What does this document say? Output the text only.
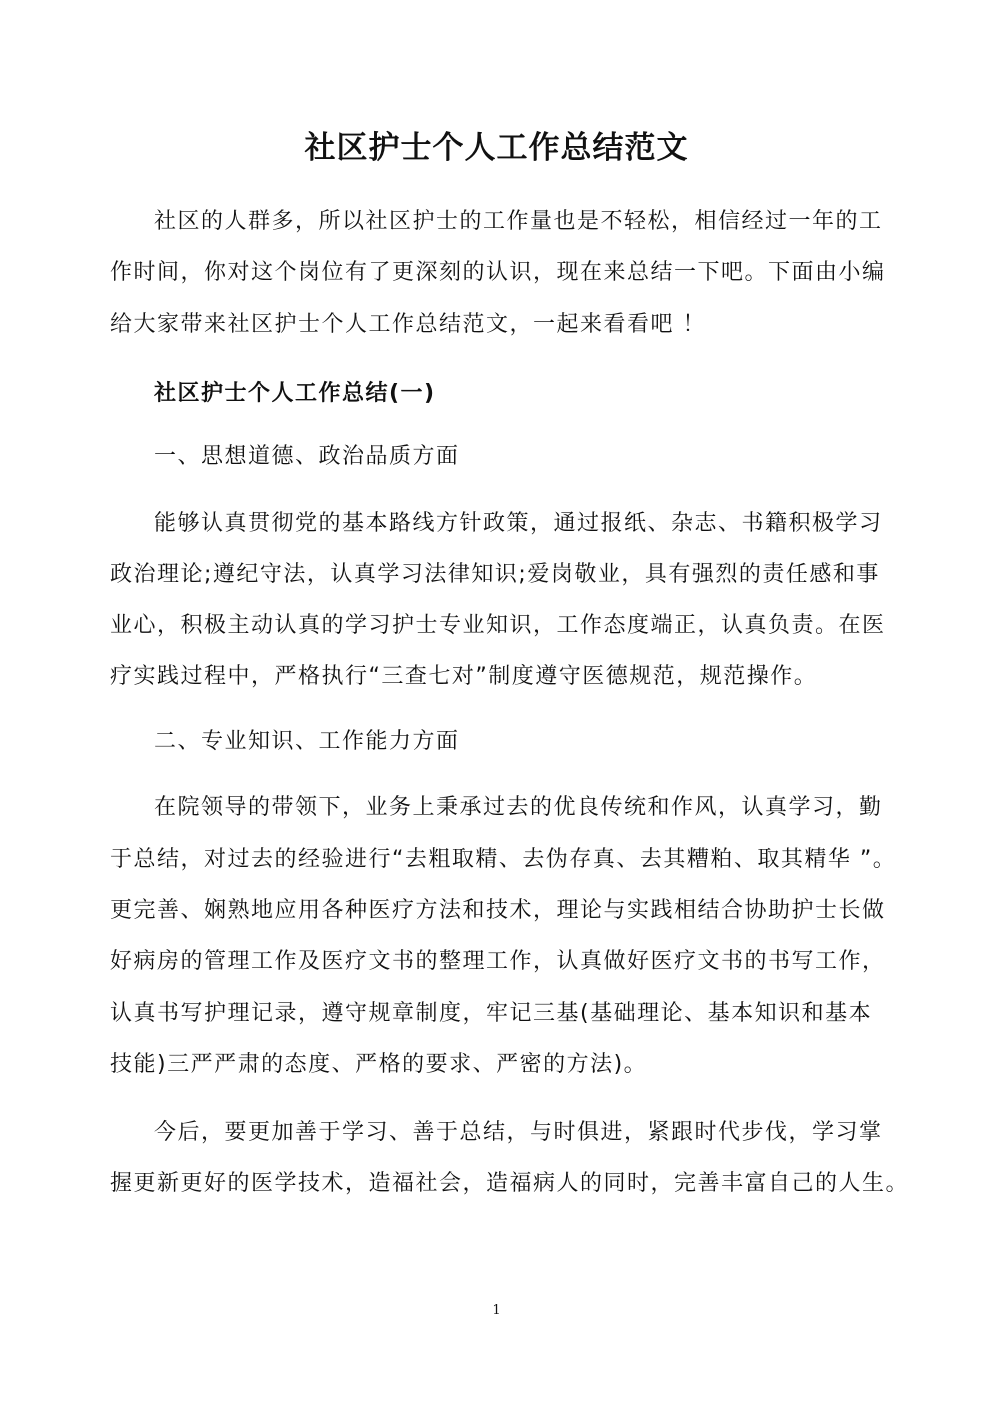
社区护士个人工作总结范文
社区的人群多，所以社区护士的工作量也是不轻松，相信经过一年的工
作时间，你对这个岗位有了更深刻的认识，现在来总结一下吧。下面由小编
给大家带来社区护士个人工作总结范文，一起来看看吧 ！
社区护士个人工作总结(一)
一、思想道德、政治品质方面
能够认真贯彻党的基本路线方针政策，通过报纸、杂志、书籍积极学习
政治理论;遵纪守法，认真学习法律知识;爱岗敬业，具有强烈的责任感和事
业心，积极主动认真的学习护士专业知识，工作态度端正，认真负责。在医
疗实践过程中，严格执行“三查七对”制度遵守医德规范，规范操作。
二、专业知识、工作能力方面
在院领导的带领下，业务上秉承过去的优良传统和作风，认真学习，勤
于总结，对过去的经验进行“去粗取精、去伪存真、去其糟粕、取其精华 ”。
更完善、娴熟地应用各种医疗方法和技术，理论与实践相结合协助护士长做
好病房的管理工作及医疗文书的整理工作，认真做好医疗文书的书写工作，
认真书写护理记录，遵守规章制度，牢记三基(基础理论、基本知识和基本
技能)三严严肃的态度、严格的要求、严密的方法)。
今后，要更加善于学习、善于总结，与时俱进，紧跟时代步伐，学习掌
握更新更好的医学技术，造福社会，造福病人的同时，完善丰富自己的人生。
1
